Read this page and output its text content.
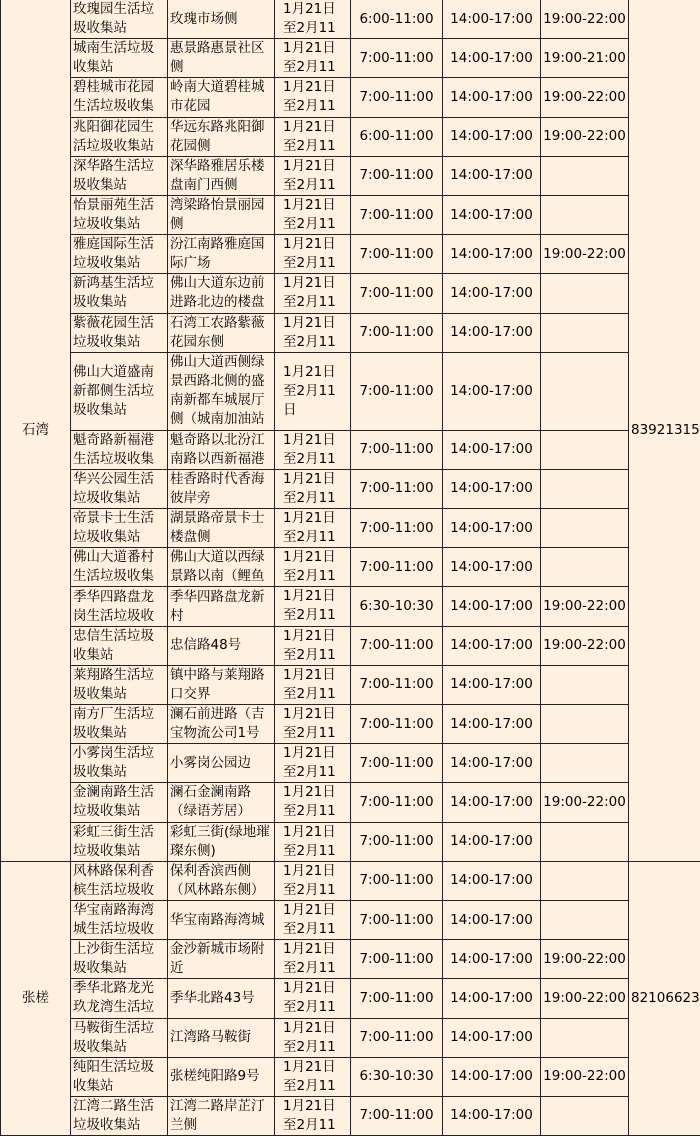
石湾	玫瑰园生活垃圾收集站	玫瑰市场侧	1月21日至2月11	6:00-11:00	14:00-17:00	19:00-22:00	83921315

	城南生活垃圾收集站	惠景路惠景社区侧	1月21日至2月11	7:00-11:00	14:00-17:00	19:00-21:00	

	碧桂城市花园生活垃圾收集	岭南大道碧桂城市花园	1月21日至2月11	7:00-11:00	14:00-17:00	19:00-22:00	

	兆阳御花园生活垃圾收集站	华远东路兆阳御花园侧	1月21日至2月11	6:00-11:00	14:00-17:00	19:00-22:00	

	深华路生活垃圾收集站	深华路雅居乐楼盘南门西侧	1月21日至2月11	7:00-11:00	14:00-17:00		

	怡景丽苑生活垃圾收集站	湾梁路怡景丽园侧	1月21日至2月11	7:00-11:00	14:00-17:00		

	雅庭国际生活垃圾收集站	汾江南路雅庭国际广场	1月21日至2月11	7:00-11:00	14:00-17:00	19:00-22:00	

	新鸿基生活垃圾收集站	佛山大道东边前进路北边的楼盘	1月21日至2月11	7:00-11:00	14:00-17:00		

	紫薇花园生活垃圾收集站	石湾工农路紫薇花园东侧	1月21日至2月11	7:00-11:00	14:00-17:00		

	佛山大道盛南新都侧生活垃圾收集站	佛山大道西侧绿景西路北侧的盛南新都车城展厅侧（城南加油站	1月21日至2月11日	7:00-11:00	14:00-17:00		

	魁奇路新福港生活垃圾收集	魁奇路以北汾江南路以西新福港	1月21日至2月11	7:00-11:00	14:00-17:00		

	华兴公园生活垃圾收集站	桂香路时代香海彼岸旁	1月21日至2月11	7:00-11:00	14:00-17:00		

	帝景卡士生活垃圾收集站	湖景路帝景卡士楼盘侧	1月21日至2月11	7:00-11:00	14:00-17:00		

	佛山大道番村生活垃圾收集	佛山大道以西绿景路以南（鲤鱼	1月21日至2月11	7:00-11:00	14:00-17:00		

	季华四路盘龙岗生活垃圾收	季华四路盘龙新村	1月21日至2月11	6:30-10:30	14:00-17:00	19:00-22:00	

	忠信生活垃圾收集站	忠信路48号	1月21日至2月11	7:00-11:00	14:00-17:00	19:00-22:00	

	莱翔路生活垃圾收集站	镇中路与莱翔路口交界	1月21日至2月11	7:00-11:00	14:00-17:00		

	南方厂生活垃圾收集站	澜石前进路（吉宝物流公司1号	1月21日至2月11	7:00-11:00	14:00-17:00		

	小雾岗生活垃圾收集站	小雾岗公园边	1月21日至2月11	7:00-11:00	14:00-17:00		

	金澜南路生活垃圾收集站	澜石金澜南路（绿语芳居）	1月21日至2月11	7:00-11:00	14:00-17:00	19:00-22:00	

	彩虹三街生活垃圾收集站	彩虹三街(绿地璀璨东侧)	1月21日至2月11	7:00-11:00	14:00-17:00		

张槎	风林路保利香槟生活垃圾收	保利香滨西侧（风林路东侧）	1月21日至2月11	7:00-11:00	14:00-17:00		82106623

	华宝南路海湾城生活垃圾收	华宝南路海湾城	1月21日至2月11	7:00-11:00	14:00-17:00		

	上沙街生活垃圾收集站	金沙新城市场附近	1月21日至2月11	7:00-11:00	14:00-17:00	19:00-22:00	

	季华北路龙光玖龙湾生活垃	季华北路43号	1月21日至2月11	7:00-11:00	14:00-17:00	19:00-22:00	

	马鞍街生活垃圾收集站	江湾路马鞍街	1月21日至2月11	7:00-11:00	14:00-17:00		

	纯阳生活垃圾收集站	张槎纯阳路9号	1月21日至2月11	6:30-10:30	14:00-17:00	19:00-22:00	

	江湾二路生活垃圾收集站	江湾二路岸芷汀兰侧	1月21日至2月11	7:00-11:00	14:00-17:00		
